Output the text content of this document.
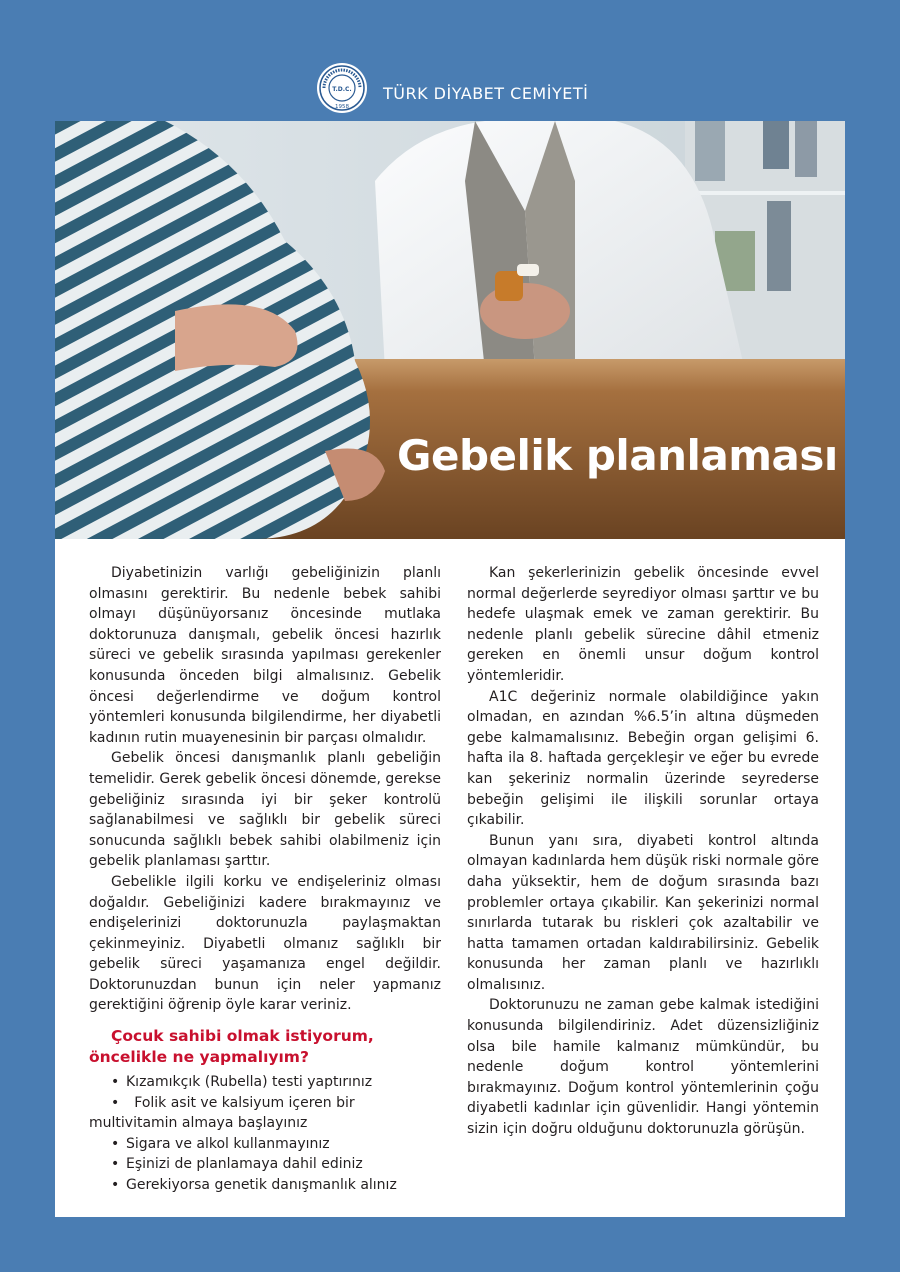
T.D.C.
1958
TÜRK DİYABET CEMİYETİ
Gebelik planlaması

Diyabetinizin varlığı gebeliğinizin planlı olmasını gerektirir. Bu nedenle bebek sahibi olmayı düşünüyorsanız öncesinde mutlaka doktorunuza danışmalı, gebelik öncesi hazırlık süreci ve gebelik sırasında yapılması gerekenler konusunda önceden bilgi almalısınız. Gebelik öncesi değerlendirme ve doğum kontrol yöntemleri konusunda bilgilendirme, her diyabetli kadının rutin muayenesinin bir parçası olmalıdır.

Gebelik öncesi danışmanlık planlı gebeliğin temelidir. Gerek gebelik öncesi dönemde, gerekse gebeliğiniz sırasında iyi bir şeker kontrolü sağlanabilmesi ve sağlıklı bir gebelik süreci sonucunda sağlıklı bebek sahibi olabilmeniz için gebelik planlaması şarttır.

Gebelikle ilgili korku ve endişeleriniz olması doğaldır. Gebeliğinizi kadere bırakmayınız ve endişelerinizi doktorunuzla paylaşmaktan çekinmeyiniz. Diyabetli olmanız sağlıklı bir gebelik süreci yaşamanıza engel değildir. Doktorunuzdan bunun için neler yapmanız gerektiğini öğrenip öyle karar veriniz.

Çocuk sahibi olmak istiyorum, öncelikle ne yapmalıyım?
• Kızamıkçık (Rubella) testi yaptırınız
• Folik asit ve kalsiyum içeren bir multivitamin almaya başlayınız
• Sigara ve alkol kullanmayınız
• Eşinizi de planlamaya dahil ediniz
• Gerekiyorsa genetik danışmanlık alınız

Kan şekerlerinizin gebelik öncesinde evvel normal değerlerde seyrediyor olması şarttır ve bu hedefe ulaşmak emek ve zaman gerektirir. Bu nedenle planlı gebelik sürecine dâhil etmeniz gereken en önemli unsur doğum kontrol yöntemleridir.

A1C değeriniz normale olabildiğince yakın olmadan, en azından %6.5’in altına düşmeden gebe kalmamalısınız. Bebeğin organ gelişimi 6. hafta ila 8. haftada gerçekleşir ve eğer bu evrede kan şekeriniz normalin üzerinde seyrederse bebeğin gelişimi ile ilişkili sorunlar ortaya çıkabilir.

Bunun yanı sıra, diyabeti kontrol altında olmayan kadınlarda hem düşük riski normale göre daha yüksektir, hem de doğum sırasında bazı problemler ortaya çıkabilir. Kan şekerinizi normal sınırlarda tutarak bu riskleri çok azaltabilir ve hatta tamamen ortadan kaldırabilirsiniz. Gebelik konusunda her zaman planlı ve hazırlıklı olmalısınız.

Doktorunuzu ne zaman gebe kalmak istediğini konusunda bilgilendiriniz. Adet düzensizliğiniz olsa bile hamile kalmanız mümkündür, bu nedenle doğum kontrol yöntemlerini bırakmayınız. Doğum kontrol yöntemlerinin çoğu diyabetli kadınlar için güvenlidir. Hangi yöntemin sizin için doğru olduğunu doktorunuzla görüşün.
